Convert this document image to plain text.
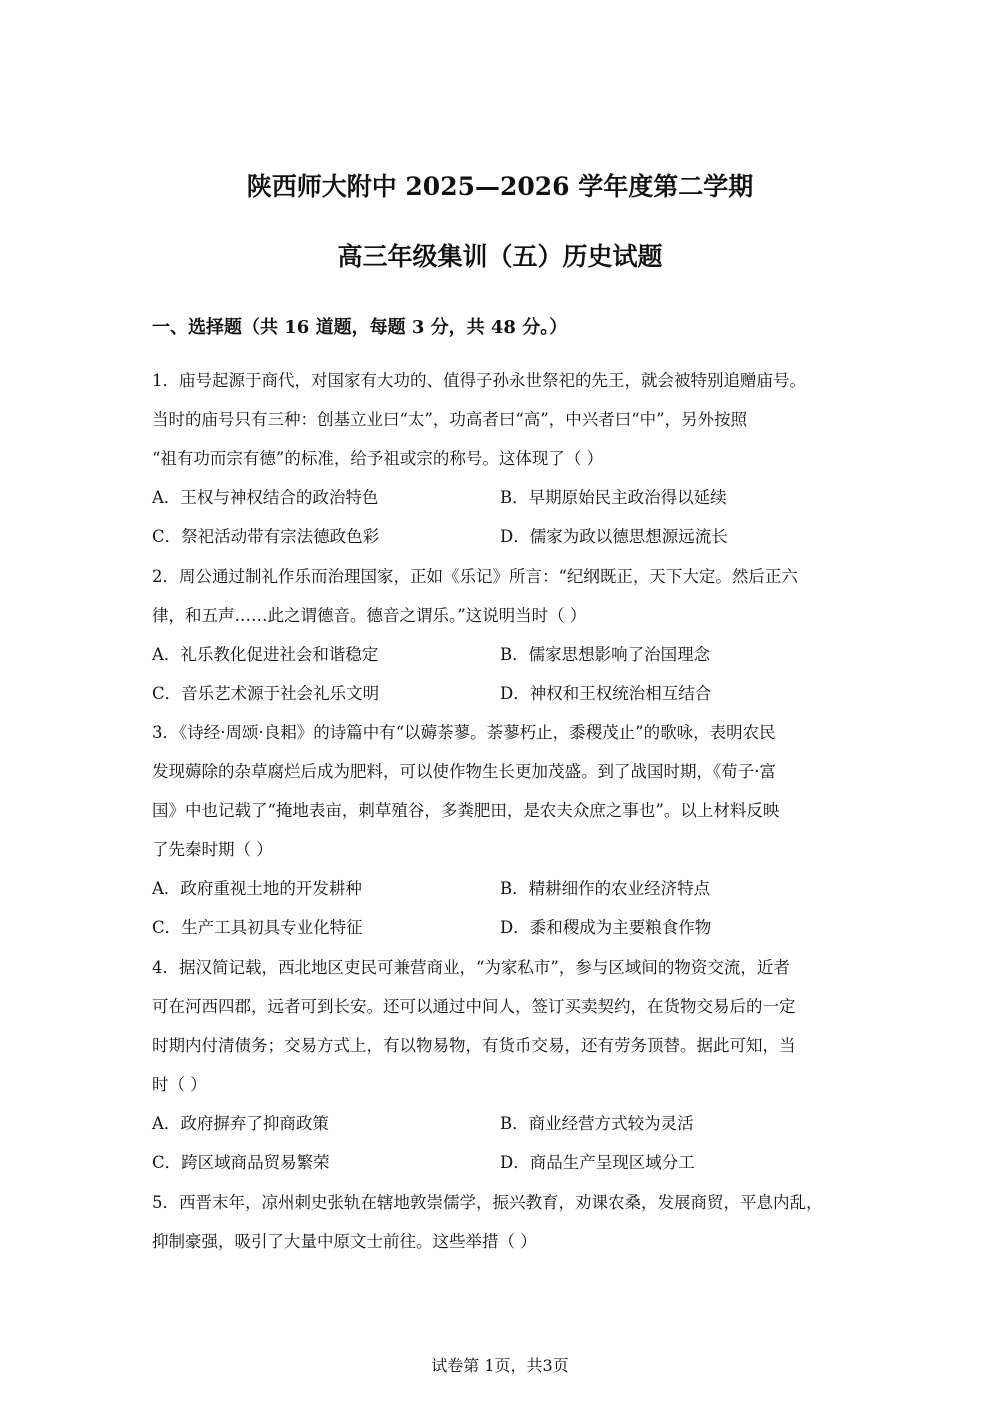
陕西师大附中 2025—2026 学年度第二学期
高三年级集训（五）历史试题
一、选择题（共 16 道题，每题 3 分，共 48 分。）
1．庙号起源于商代，对国家有大功的、值得子孙永世祭祀的先王，就会被特别追赠庙号。
当时的庙号只有三种：创基立业曰“太”，功高者曰“高”，中兴者曰“中”，另外按照
“祖有功而宗有德”的标准，给予祖或宗的称号。这体现了（ ）
A．王权与神权结合的政治特色	B．早期原始民主政治得以延续
C．祭祀活动带有宗法德政色彩	D．儒家为政以德思想源远流长
2．周公通过制礼作乐而治理国家，正如《乐记》所言：“纪纲既正，天下大定。然后正六
律，和五声……此之谓德音。德音之谓乐。”这说明当时（ ）
A．礼乐教化促进社会和谐稳定	B．儒家思想影响了治国理念
C．音乐艺术源于社会礼乐文明	D．神权和王权统治相互结合
3．《诗经·周颂·良耜》的诗篇中有“以薅荼蓼。荼蓼朽止，黍稷茂止”的歌咏，表明农民
发现薅除的杂草腐烂后成为肥料，可以使作物生长更加茂盛。到了战国时期，《荀子·富
国》中也记载了“掩地表亩，刺草殖谷，多粪肥田，是农夫众庶之事也”。以上材料反映
了先秦时期（ ）
A．政府重视土地的开发耕种	B．精耕细作的农业经济特点
C．生产工具初具专业化特征	D．黍和稷成为主要粮食作物
4．据汉简记载，西北地区吏民可兼营商业，“为家私市”，参与区域间的物资交流，近者
可在河西四郡，远者可到长安。还可以通过中间人，签订买卖契约，在货物交易后的一定
时期内付清债务；交易方式上，有以物易物，有货币交易，还有劳务顶替。据此可知，当
时（ ）
A．政府摒弃了抑商政策	B．商业经营方式较为灵活
C．跨区域商品贸易繁荣	D．商品生产呈现区域分工
5．西晋末年，凉州刺史张轨在辖地敦崇儒学，振兴教育，劝课农桑，发展商贸，平息内乱，
抑制豪强，吸引了大量中原文士前往。这些举措（ ）
试卷第 1页，共3页
